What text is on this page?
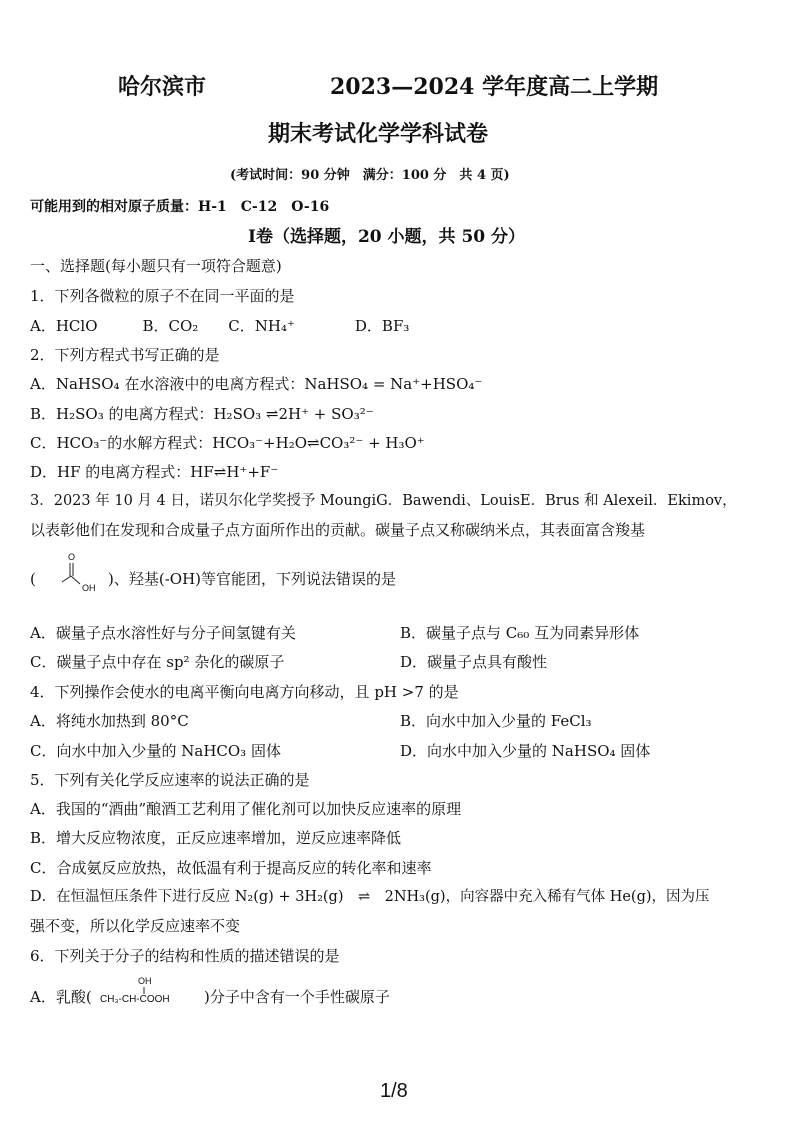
哈尔滨市	2023—2024 学年度高二上学期
期末考试化学学科试卷
(考试时间：90 分钟　满分：100 分　共 4 页)
可能用到的相对原子质量：H-1　C-12　O-16
I卷（选择题，20 小题，共 50 分）
一、选择题(每小题只有一项符合题意)
1．下列各微粒的原子不在同一平面的是
A．HClO　　　B．CO₂　　C．NH₄⁺　　　　D．BF₃
2．下列方程式书写正确的是
A．NaHSO₄ 在水溶液中的电离方程式：NaHSO₄ = Na⁺+HSO₄⁻
B．H₂SO₃ 的电离方程式：H₂SO₃ ⇌2H⁺ + SO₃²⁻
C．HCO₃⁻的水解方程式：HCO₃⁻+H₂O⇌CO₃²⁻ + H₃O⁺
D．HF 的电离方程式：HF⇌H⁺+F⁻
3．2023 年 10 月 4 日，诺贝尔化学奖授予 MoungiG．Bawendi、LouisE．Brus 和 Alexeil．Ekimov，
以表彰他们在发现和合成量子点方面所作出的贡献。碳量子点又称碳纳米点，其表面富含羧基
(
O
OH )、羟基(-OH)等官能团，下列说法错误的是
A．碳量子点水溶性好与分子间氢键有关	B．碳量子点与 C₆₀ 互为同素异形体
C．碳量子点中存在 sp² 杂化的碳原子	D．碳量子点具有酸性
4．下列操作会使水的电离平衡向电离方向移动，且 pH >7 的是
A．将纯水加热到 80°C	B．向水中加入少量的 FeCl₃
C．向水中加入少量的 NaHCO₃ 固体	D．向水中加入少量的 NaHSO₄ 固体
5．下列有关化学反应速率的说法正确的是
A．我国的“酒曲”酿酒工艺利用了催化剂可以加快反应速率的原理
B．增大反应物浓度，正反应速率增加，逆反应速率降低
C．合成氨反应放热，故低温有利于提高反应的转化率和速率
D．在恒温恒压条件下进行反应 N₂(g) + 3H₂(g)　⇌　2NH₃(g)，向容器中充入稀有气体 He(g)，因为压
强不变，所以化学反应速率不变
6．下列关于分子的结构和性质的描述错误的是
A．乳酸(
OH
CH₃-CH-COOH )分子中含有一个手性碳原子
1/8
